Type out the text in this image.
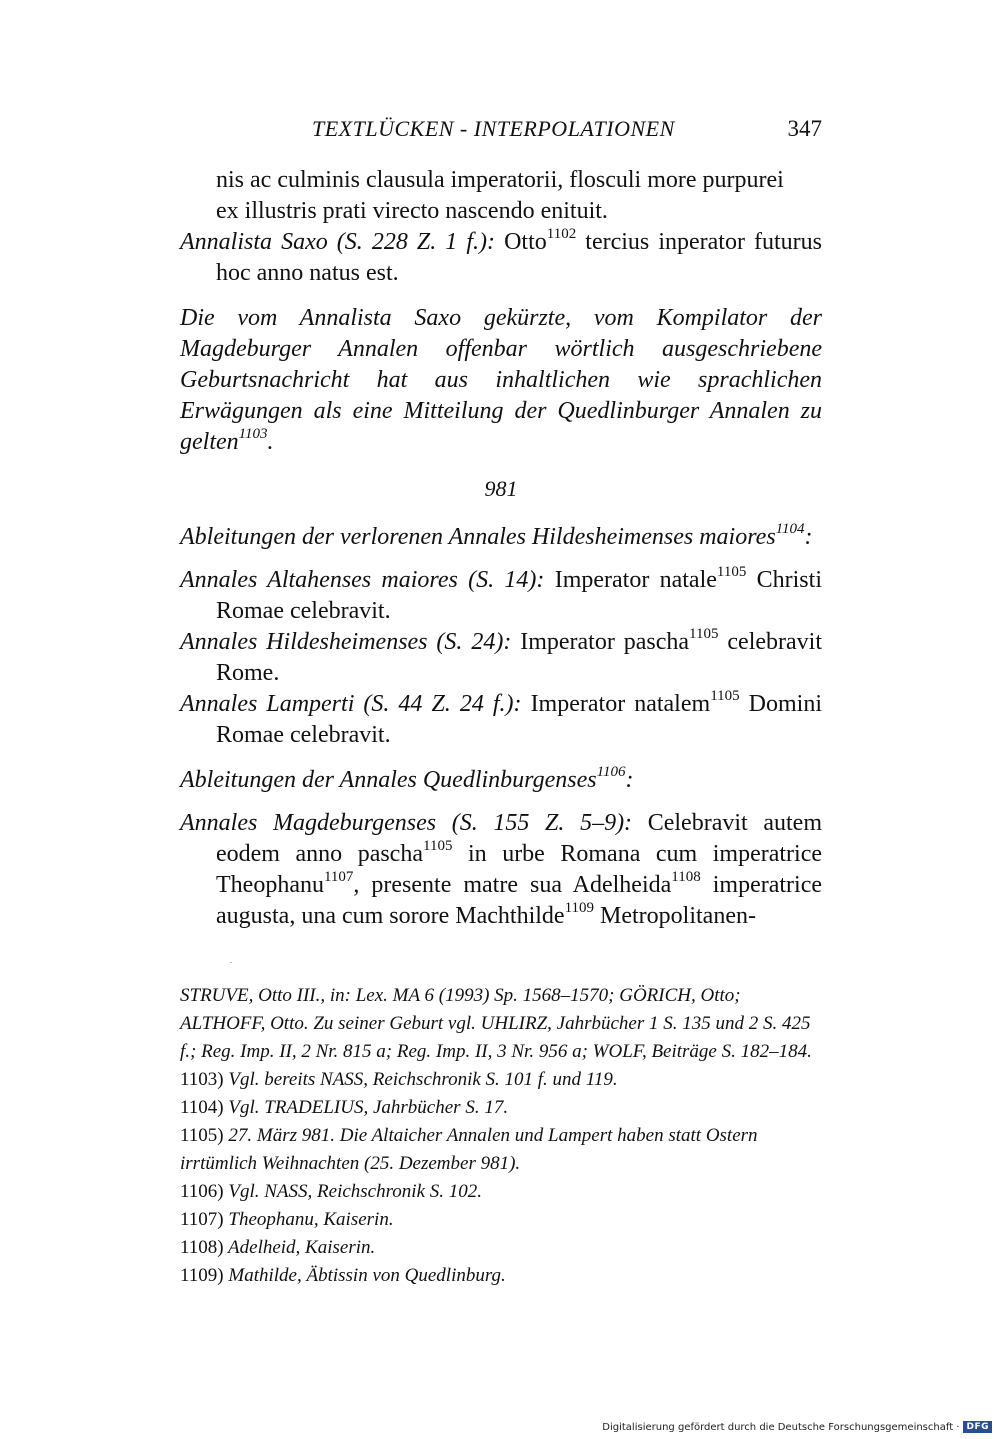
TEXTLÜCKEN - INTERPOLATIONEN	347

nis ac culminis clausula imperatorii, flosculi more purpurei
ex illustris prati virecto nascendo enituit.

Annalista Saxo (S. 228 Z. 1 f.): Otto$^{1102}$ tercius inperator futurus hoc anno natus est.

Die vom Annalista Saxo gekürzte, vom Kompilator der Magdeburger Annalen offenbar wörtlich ausgeschriebene Geburtsnachricht hat aus inhaltlichen wie sprachlichen Erwägungen als eine Mitteilung der Quedlinburger Annalen zu gelten$^{1103}$.

981

Ableitungen der verlorenen Annales Hildesheimenses maiores$^{1104}$:

Annales Altahenses maiores (S. 14): Imperator natale$^{1105}$ Christi Romae celebravit.

Annales Hildesheimenses (S. 24): Imperator pascha$^{1105}$ celebravit Rome.

Annales Lamperti (S. 44 Z. 24 f.): Imperator natalem$^{1105}$ Domini Romae celebravit.

Ableitungen der Annales Quedlinburgenses$^{1106}$:

Annales Magdeburgenses (S. 155 Z. 5–9): Celebravit autem eodem anno pascha$^{1105}$ in urbe Romana cum imperatrice Theophanu$^{1107}$, presente matre sua Adelheida$^{1108}$ imperatrice augusta, una cum sorore Machthilde$^{1109}$ Metropolitanen-

STRUVE, Otto III., in: Lex. MA 6 (1993) Sp. 1568–1570; GÖRICH, Otto; ALTHOFF, Otto. Zu seiner Geburt vgl. UHLIRZ, Jahrbücher 1 S. 135 und 2 S. 425 f.; Reg. Imp. II, 2 Nr. 815 a; Reg. Imp. II, 3 Nr. 956 a; WOLF, Beiträge S. 182–184.

1103) Vgl. bereits NASS, Reichschronik S. 101 f. und 119.

1104) Vgl. TRADELIUS, Jahrbücher S. 17.

1105) 27. März 981. Die Altaicher Annalen und Lampert haben statt Ostern irrtümlich Weihnachten (25. Dezember 981).

1106) Vgl. NASS, Reichschronik S. 102.

1107) Theophanu, Kaiserin.

1108) Adelheid, Kaiserin.

1109) Mathilde, Äbtissin von Quedlinburg.

Digitalisierung gefördert durch die Deutsche Forschungsgemeinschaft · DFG
